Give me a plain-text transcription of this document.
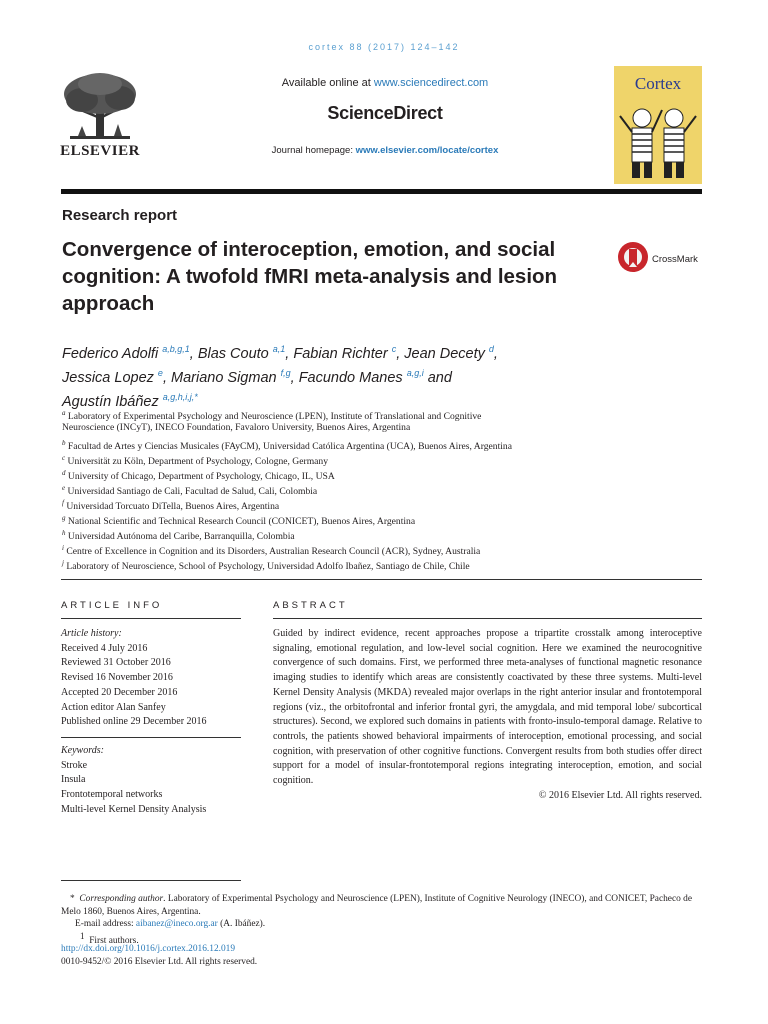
cortex 88 (2017) 124–142
ELSEVIER
Available online at www.sciencedirect.com
ScienceDirect
Journal homepage: www.elsevier.com/locate/cortex
Cortex
Research report
Convergence of interoception, emotion, and social cognition: A twofold fMRI meta-analysis and lesion approach
CrossMark
Federico Adolfi $^{a,b,g,1}$, Blas Couto $^{a,1}$, Fabian Richter $^c$, Jean Decety $^d$,
Jessica Lopez $^e$, Mariano Sigman $^{f,g}$, Facundo Manes $^{a,g,i}$ and
Agustín Ibáñez $^{a,g,h,i,j,*}$
$^a$ Laboratory of Experimental Psychology and Neuroscience (LPEN), Institute of Translational and Cognitive
Neuroscience (INCyT), INECO Foundation, Favaloro University, Buenos Aires, Argentina
$^b$ Facultad de Artes y Ciencias Musicales (FAyCM), Universidad Católica Argentina (UCA), Buenos Aires, Argentina
$^c$ Universität zu Köln, Department of Psychology, Cologne, Germany
$^d$ University of Chicago, Department of Psychology, Chicago, IL, USA
$^e$ Universidad Santiago de Cali, Facultad de Salud, Cali, Colombia
$^f$ Universidad Torcuato DiTella, Buenos Aires, Argentina
$^g$ National Scientific and Technical Research Council (CONICET), Buenos Aires, Argentina
$^h$ Universidad Autónoma del Caribe, Barranquilla, Colombia
$^i$ Centre of Excellence in Cognition and its Disorders, Australian Research Council (ACR), Sydney, Australia
$^j$ Laboratory of Neuroscience, School of Psychology, Universidad Adolfo Ibañez, Santiago de Chile, Chile
ARTICLE INFO
Article history:
Received 4 July 2016
Reviewed 31 October 2016
Revised 16 November 2016
Accepted 20 December 2016
Action editor Alan Sanfey
Published online 29 December 2016
Keywords:
Stroke
Insula
Frontotemporal networks
Multi-level Kernel Density Analysis
ABSTRACT
Guided by indirect evidence, recent approaches propose a tripartite crosstalk among interoceptive signaling, emotional regulation, and low-level social cognition. Here we examined the neurocognitive convergence of such domains. First, we performed three meta-analyses of functional magnetic resonance imaging studies to identify which areas are consistently coactivated by these three systems. Multi-level Kernel Density Analysis (MKDA) revealed major overlaps in the right anterior insular and frontotemporal regions (viz., the orbitofrontal and inferior frontal gyri, the amygdala, and mid temporal lobe/ subcortical structures). Second, we explored such domains in patients with fronto-insulo-temporal damage. Relative to controls, the patients showed behavioral impairments of interoception, emotional processing, and social cognition, with preservation of other cognitive functions. Convergent results from both studies offer direct support for a model of insular-frontotemporal regions integrating interoception, emotion, and social cognition.
© 2016 Elsevier Ltd. All rights reserved.
* Corresponding author. Laboratory of Experimental Psychology and Neuroscience (LPEN), Institute of Cognitive Neurology (INECO), and CONICET, Pacheco de Melo 1860, Buenos Aires, Argentina.
E-mail address: aibanez@ineco.org.ar (A. Ibáñez).
$^1$  First authors.
http://dx.doi.org/10.1016/j.cortex.2016.12.019
0010-9452/© 2016 Elsevier Ltd. All rights reserved.
